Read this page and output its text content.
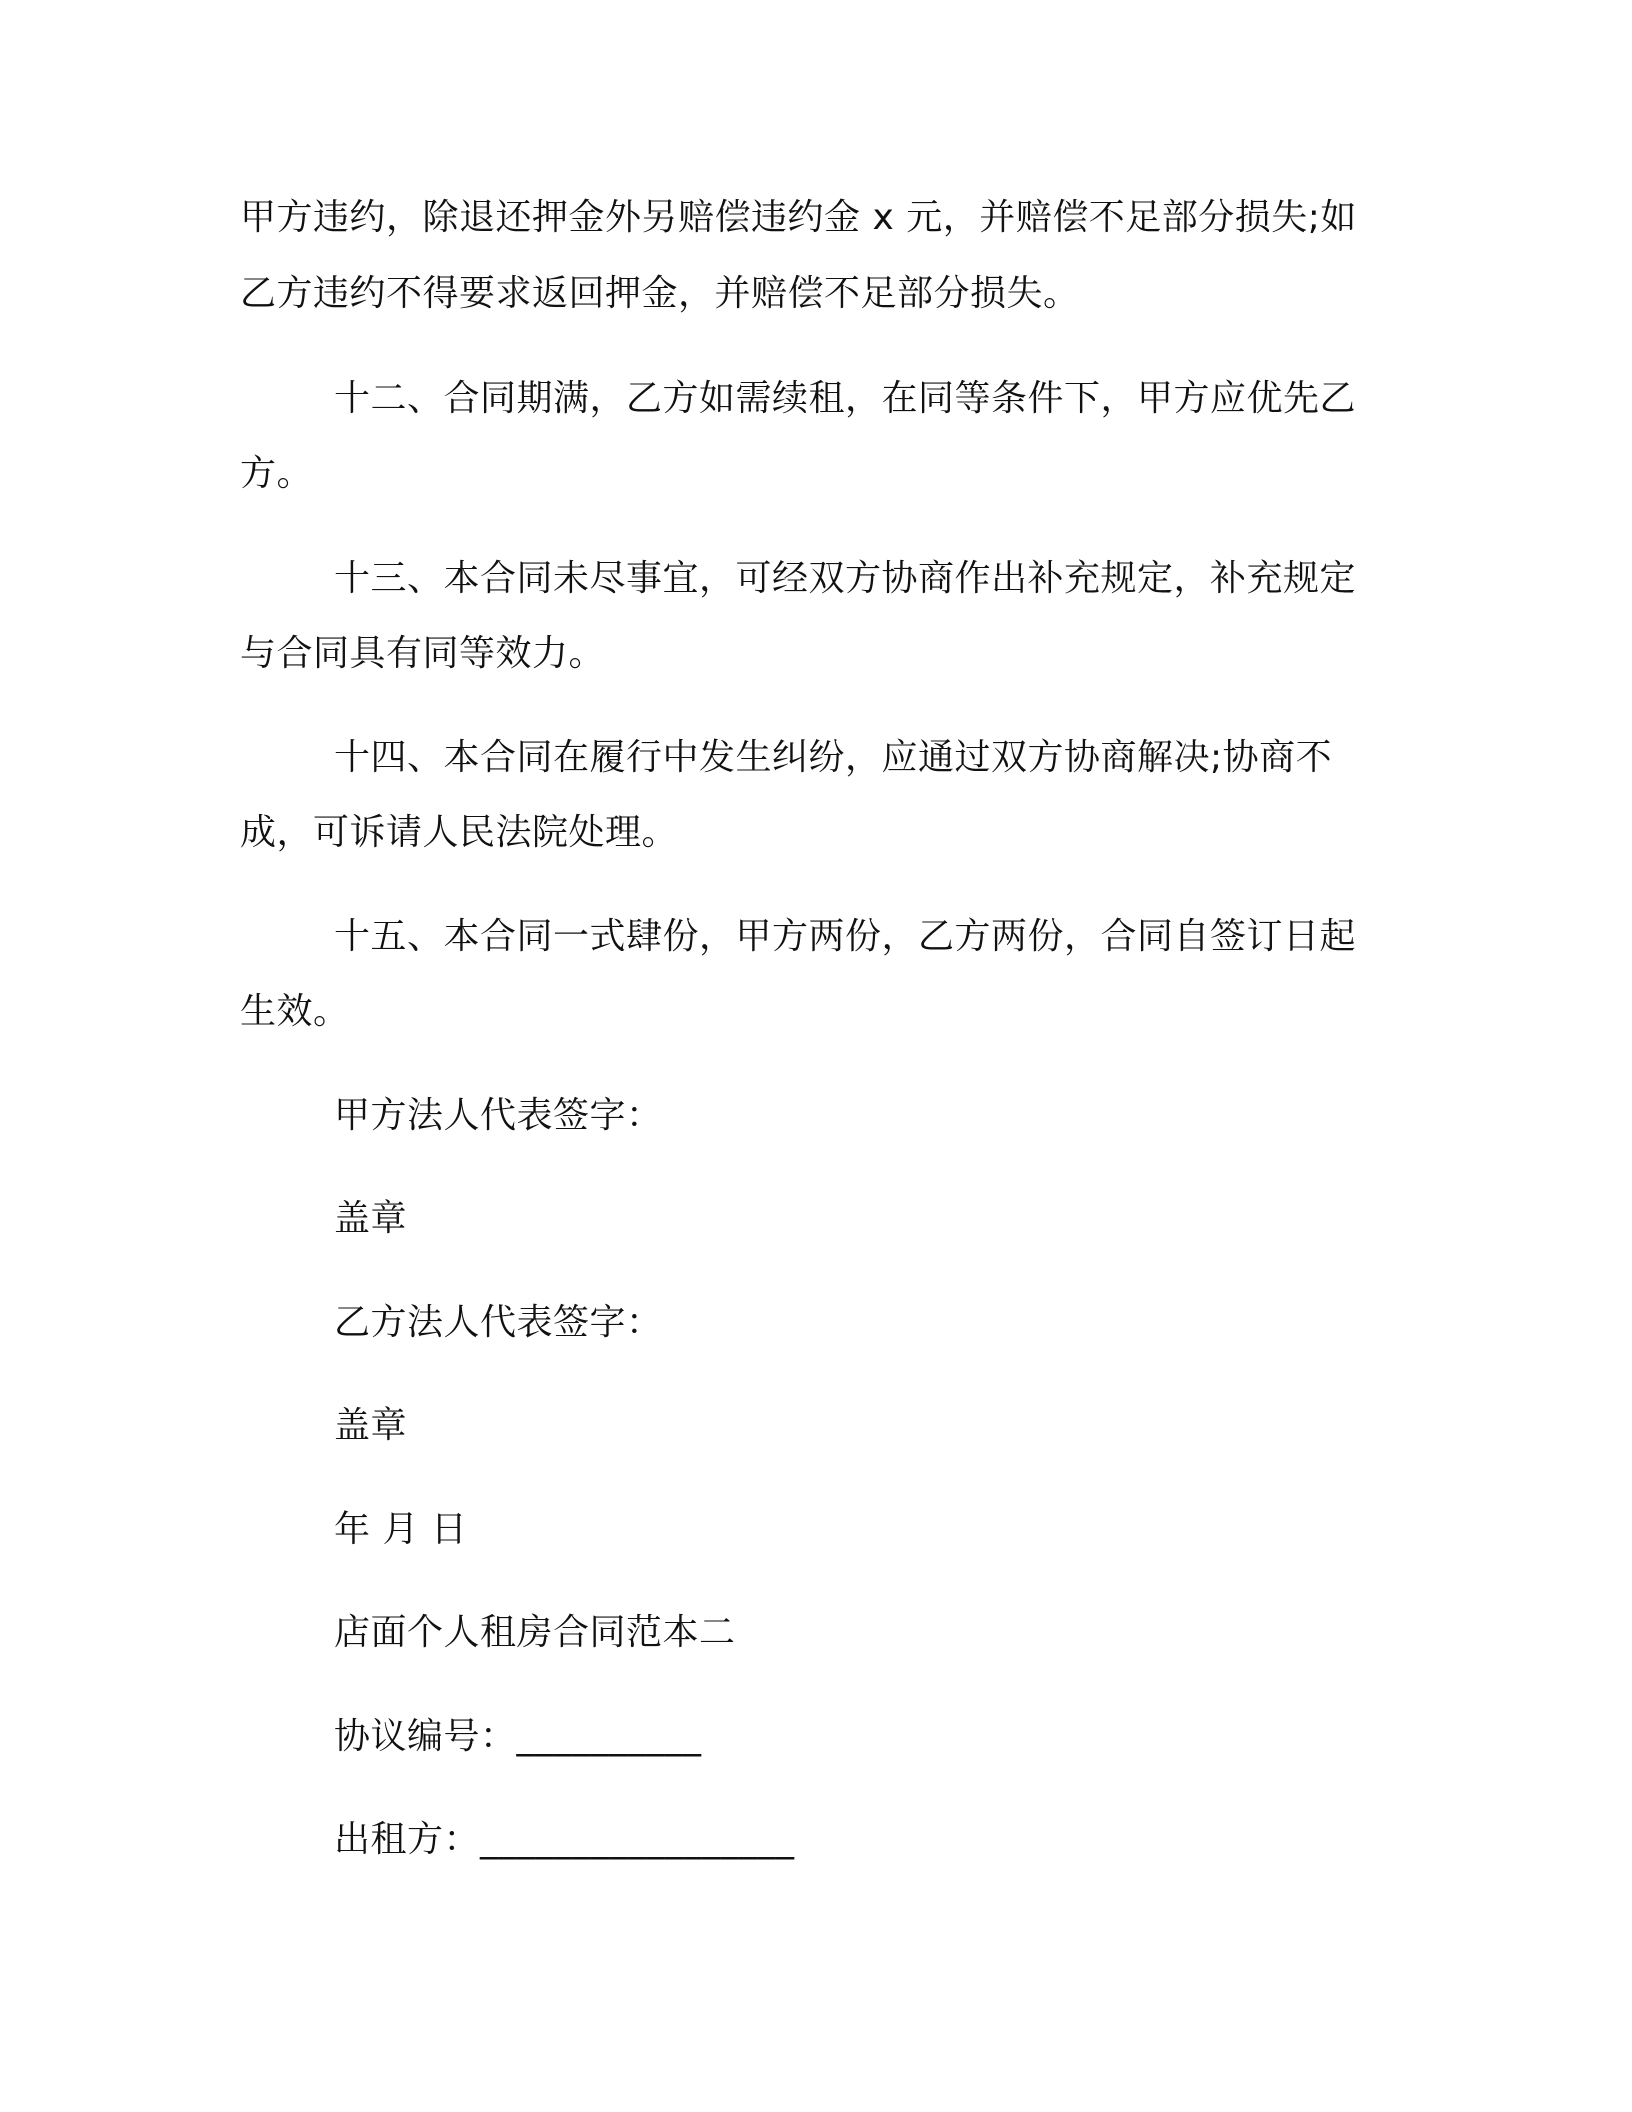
甲方违约，除退还押金外另赔偿违约金 x 元，并赔偿不足部分损失;如
乙方违约不得要求返回押金，并赔偿不足部分损失。
十二、合同期满，乙方如需续租，在同等条件下，甲方应优先乙
方。
十三、本合同未尽事宜，可经双方协商作出补充规定，补充规定
与合同具有同等效力。
十四、本合同在履行中发生纠纷，应通过双方协商解决;协商不
成，可诉请人民法院处理。
十五、本合同一式肆份，甲方两份，乙方两份，合同自签订日起
生效。
甲方法人代表签字：
盖章
乙方法人代表签字：
盖章
年 月 日
店面个人租房合同范本二
协议编号：__________
出租方：_________________
